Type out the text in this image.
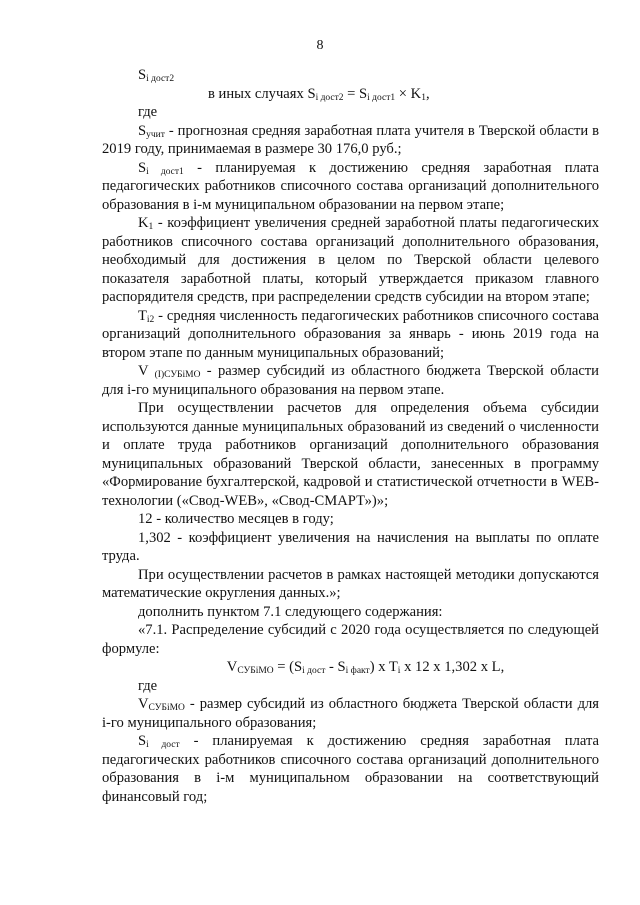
8

$S_{i дост2}$

в иных случаях $S_{i дост2} = S_{i дост1} \times K_1$,

где

$S_{учит}$ - прогнозная средняя заработная плата учителя в Тверской области в 2019 году, принимаемая в размере 30 176,0 руб.;

$S_{i дост1}$ - планируемая к достижению средняя заработная плата педагогических работников списочного состава организаций дополнительного образования в i-м муниципальном образовании на первом этапе;

$K_1$ - коэффициент увеличения средней заработной платы педагогических работников списочного состава организаций дополнительного образования, необходимый для достижения в целом по Тверской области целевого показателя заработной платы, который утверждается приказом главного распорядителя средств, при распределении средств субсидии на втором этапе;

$T_{i2}$ - средняя численность педагогических работников списочного состава организаций дополнительного образования за январь - июнь 2019 года на втором этапе по данным муниципальных образований;

V $_{(I)СУБiМО}$ - размер субсидий из областного бюджета Тверской области для i-го муниципального образования на первом этапе.

При осуществлении расчетов для определения объема субсидии используются данные муниципальных образований из сведений о численности и оплате труда работников организаций дополнительного образования муниципальных образований Тверской области, занесенных в программу «Формирование бухгалтерской, кадровой и статистической отчетности в WEB-технологии («Свод-WEB», «Свод-СМАРТ»)»;

12 - количество месяцев в году;

1,302 - коэффициент увеличения на начисления на выплаты по оплате труда.

При осуществлении расчетов в рамках настоящей методики допускаются математические округления данных.»;

дополнить пунктом 7.1 следующего содержания:

«7.1. Распределение субсидий с 2020 года осуществляется по следующей формуле:

$V_{СУБiМО} = (S_{i дост} - S_{i факт})$ x $T_i$ x 12 x 1,302 x L,

где

$V_{СУБiМО}$ - размер субсидий из областного бюджета Тверской области для i-го муниципального образования;

$S_{i дост}$ - планируемая к достижению средняя заработная плата педагогических работников списочного состава организаций дополнительного образования в i-м муниципальном образовании на соответствующий финансовый год;
